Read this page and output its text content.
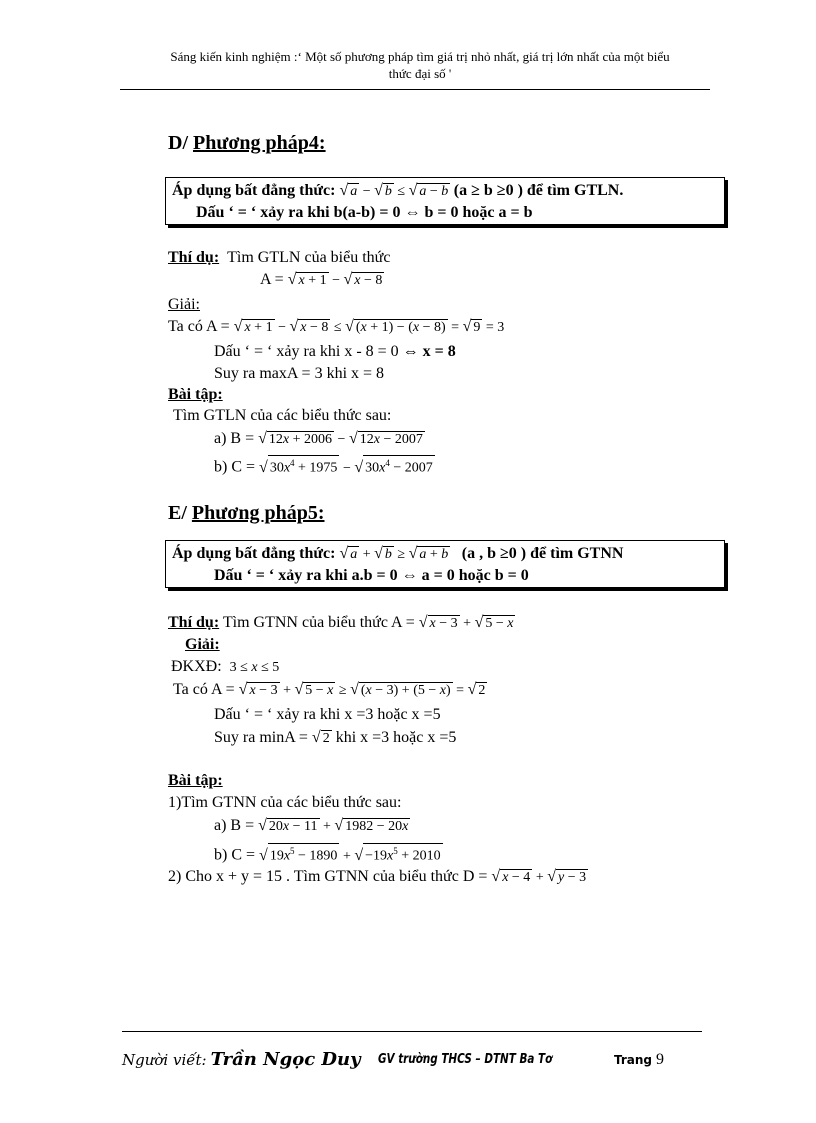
Sáng kiến kinh nghiệm :‘ Một số phương pháp tìm giá trị nhỏ nhất, giá trị lớn nhất của một biểu
thức đại số '
D/ Phương pháp4:
Áp dụng bất đẳng thức: √ a − √ b ≤ √ a − b (a ≥ b ≥0 ) để tìm GTLN.
Dấu ‘ = ‘ xảy ra khi b(a-b) = 0 ⇔ b = 0 hoặc a = b
Thí dụ: Tìm GTLN của biểu thức
A = √ x + 1 − √ x − 8
Giải:
Ta có A = √ x + 1 − √ x − 8 ≤ √ (x + 1) − (x − 8) = √ 9 = 3
Dấu ‘ = ‘ xảy ra khi x - 8 = 0 ⇔ x = 8
Suy ra maxA = 3 khi x = 8
Bài tập:
Tìm GTLN của các biểu thức sau:
a) B = √ 12x + 2006 − √ 12x − 2007
b) C = √ $30x^4 + 1975$ − √ $30x^4 - 2007$
E/ Phương pháp5:
Áp dụng bất đẳng thức: √ a + √ b ≥ √ a + b (a , b ≥0 ) để tìm GTNN
Dấu ‘ = ‘ xảy ra khi a.b = 0 ⇔ a = 0 hoặc b = 0
Thí dụ: Tìm GTNN của biểu thức A = √ x − 3 + √ 5 − x
Giải:
ĐKXĐ: 3 ≤ x ≤ 5
Ta có A = √ x − 3 + √ 5 − x ≥ √ (x − 3) + (5 − x) = √ 2
Dấu ‘ = ‘ xảy ra khi x =3 hoặc x =5
Suy ra minA = √ 2 khi x =3 hoặc x =5
Bài tập:
1)Tìm GTNN của các biểu thức sau:
a) B = √ 20x − 11 + √ 1982 − 20x
b) C = √ $19x^5 - 1890$ + √ $-19x^5 + 2010$
2) Cho x + y = 15 . Tìm GTNN của biểu thức D = √ x − 4 + √ y − 3
Người viết: Trần Ngọc Duy GV trường THCS – DTNT Ba Tơ	Trang 9
